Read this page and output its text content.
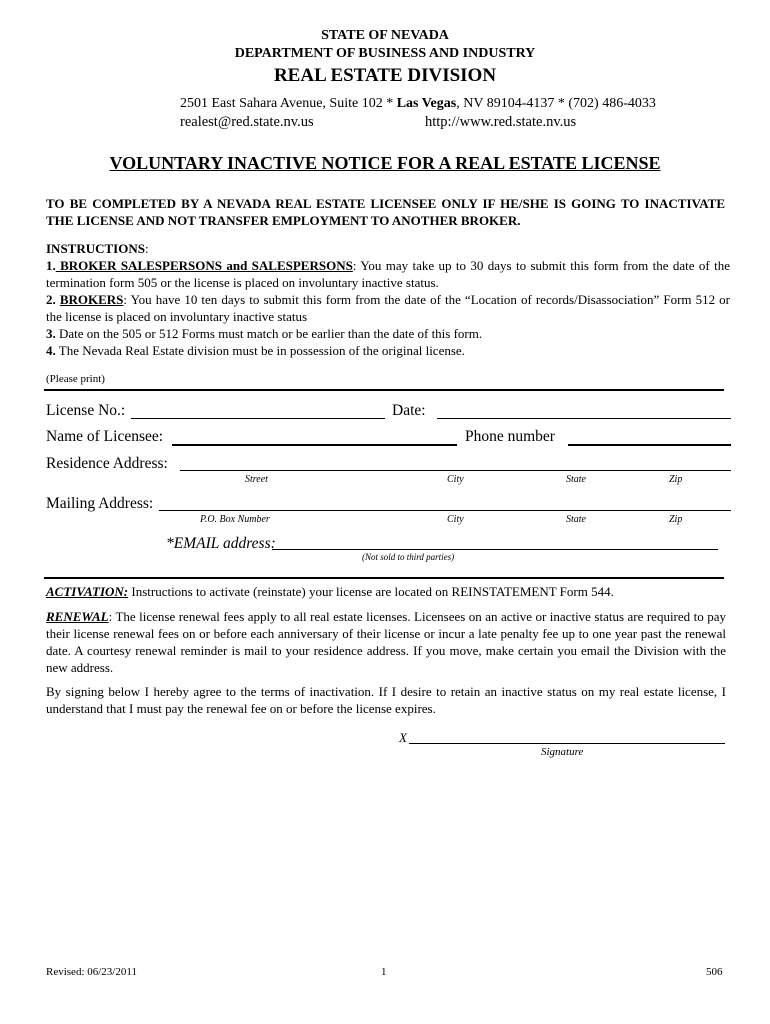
STATE OF NEVADA
DEPARTMENT OF BUSINESS AND INDUSTRY
REAL ESTATE DIVISION
2501 East Sahara Avenue, Suite 102 * Las Vegas, NV 89104-4137 * (702) 486-4033
realest@red.state.nv.us	http://www.red.state.nv.us
VOLUNTARY INACTIVE NOTICE FOR A REAL ESTATE LICENSE
TO BE COMPLETED BY A NEVADA REAL ESTATE LICENSEE ONLY IF HE/SHE IS GOING TO INACTIVATE THE LICENSE AND NOT TRANSFER EMPLOYMENT TO ANOTHER BROKER.

INSTRUCTIONS:

1. BROKER SALESPERSONS and SALESPERSONS: You may take up to 30 days to submit this form from the date of the termination form 505 or the license is placed on involuntary inactive status.

2. BROKERS: You have 10 ten days to submit this form from the date of the “Location of records/Disassociation” Form 512 or the license is placed on involuntary inactive status

3. Date on the 505 or 512 Forms must match or be earlier than the date of this form.

4. The Nevada Real Estate division must be in possession of the original license.

(Please print)
License No.:	Date:
Name of Licensee:	Phone number
Residence Address:
Street	City	State	Zip
Mailing Address:
P.O. Box Number	City	State	Zip
*EMAIL address:
(Not sold to third parties)
ACTIVATION: Instructions to activate (reinstate) your license are located on REINSTATEMENT Form 544.
RENEWAL: The license renewal fees apply to all real estate licenses. Licensees on an active or inactive status are required to pay their license renewal fees on or before each anniversary of their license or incur a late penalty fee up to one year past the renewal date. A courtesy renewal reminder is mail to your residence address. If you move, make certain you email the Division with the new address.
By signing below I hereby agree to the terms of inactivation. If I desire to retain an inactive status on my real estate license, I understand that I must pay the renewal fee on or before the license expires.
X
Signature
Revised: 06/23/2011	1	506
